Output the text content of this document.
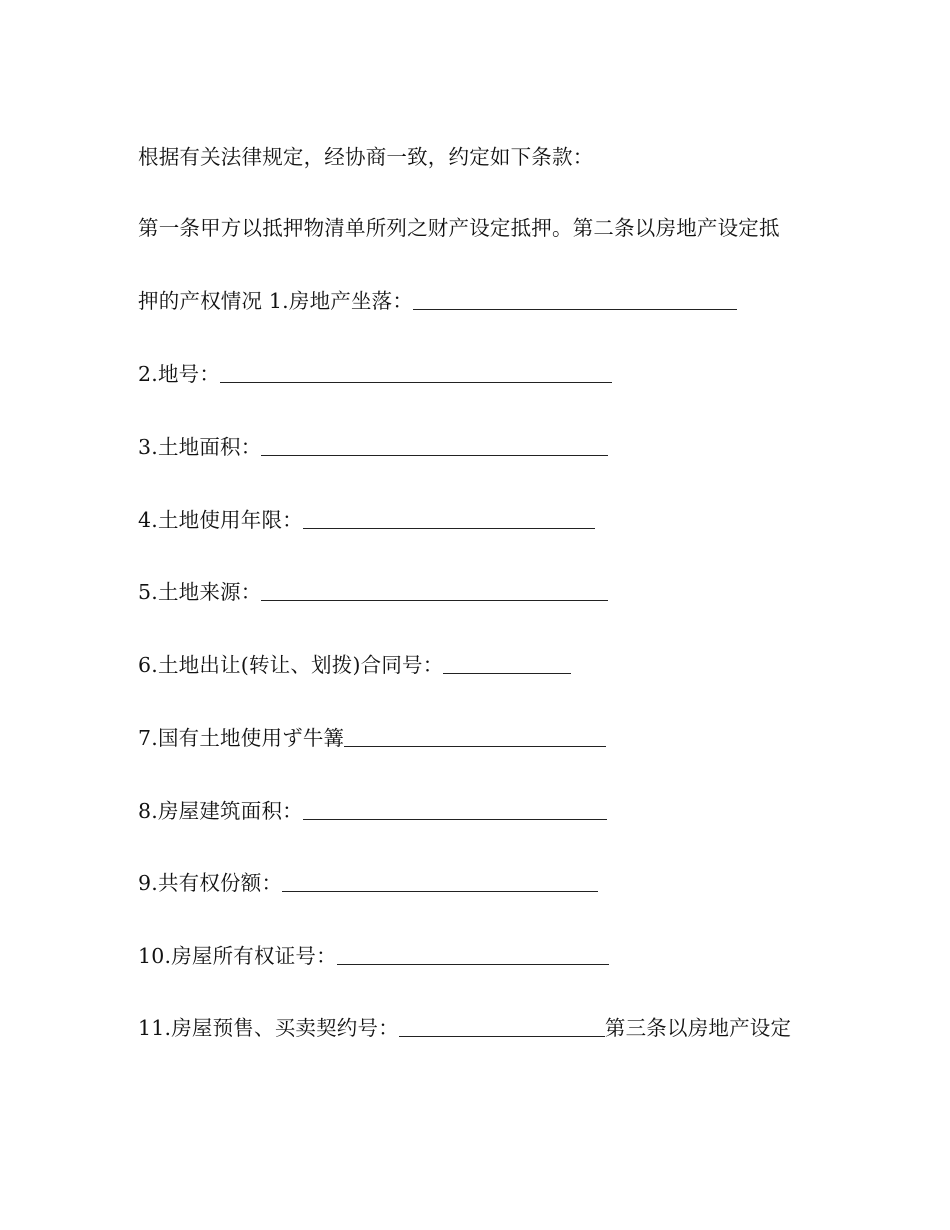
根据有关法律规定，经协商一致，约定如下条款：
第一条甲方以抵押物清单所列之财产设定抵押。第二条以房地产设定抵
押的产权情况 1.房地产坐落：
2.地号：
3.土地面积：
4.土地使用年限：
5.土地来源：
6.土地出让(转让、划拨)合同号：
7.国有土地使用ず牛篝
8.房屋建筑面积：
9.共有权份额：
10.房屋所有权证号：
11.房屋预售、买卖契约号：	第三条以房地产设定
